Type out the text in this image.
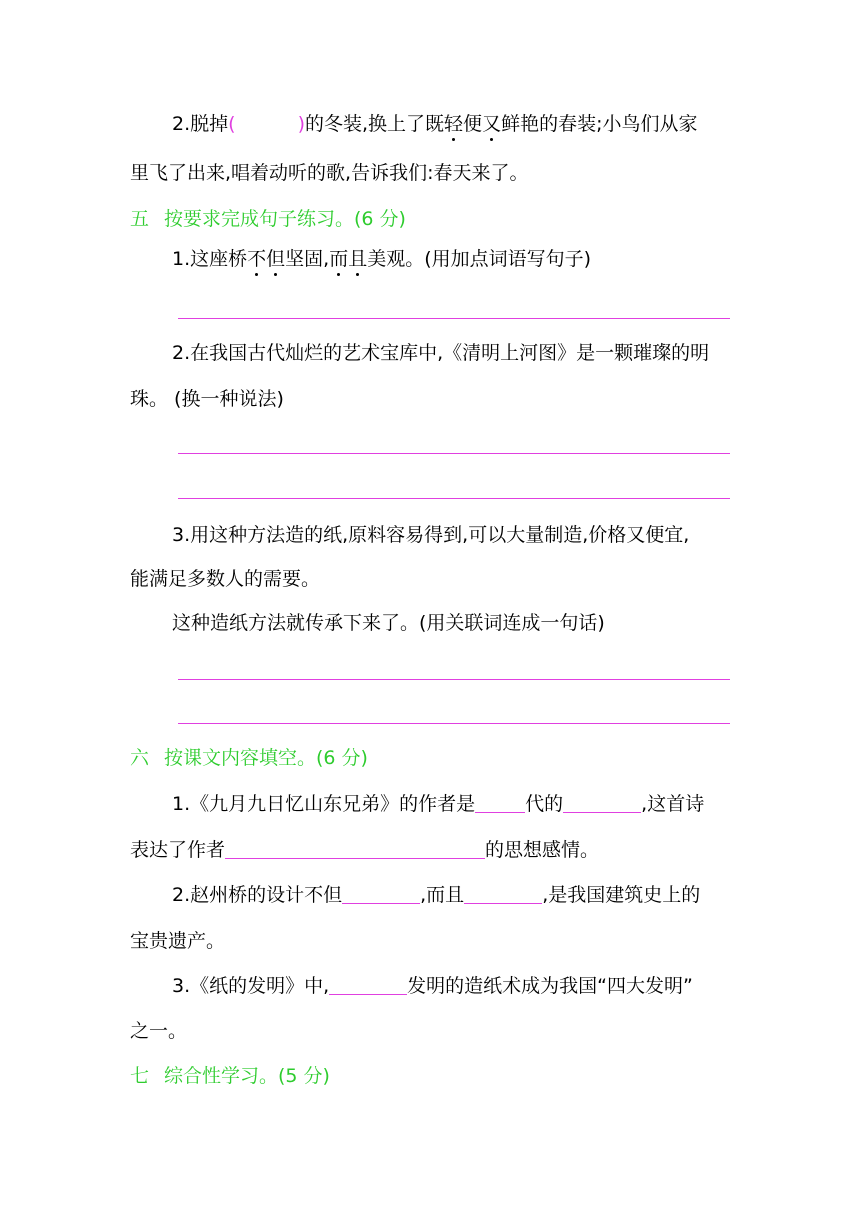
2.脱掉(	)的冬装,换上了既轻便又鲜艳的春装;小鸟们从家
里飞了出来,唱着动听的歌,告诉我们:春天来了。
五 按要求完成句子练习。(6 分)
1.这座桥不但坚固,而且美观。(用加点词语写句子)
2.在我国古代灿烂的艺术宝库中,《清明上河图》是一颗璀璨的明
珠。 (换一种说法)
3.用这种方法造的纸,原料容易得到,可以大量制造,价格又便宜,
能满足多数人的需要。
这种造纸方法就传承下来了。(用关联词连成一句话)
六 按课文内容填空。(6 分)
1.《九月九日忆山东兄弟》的作者是	代的	,这首诗
表达了作者	的思想感情。
2.赵州桥的设计不但	,而且	,是我国建筑史上的
宝贵遗产。
3.《纸的发明》中,	发明的造纸术成为我国“四大发明”
之一。
七 综合性学习。(5 分)
